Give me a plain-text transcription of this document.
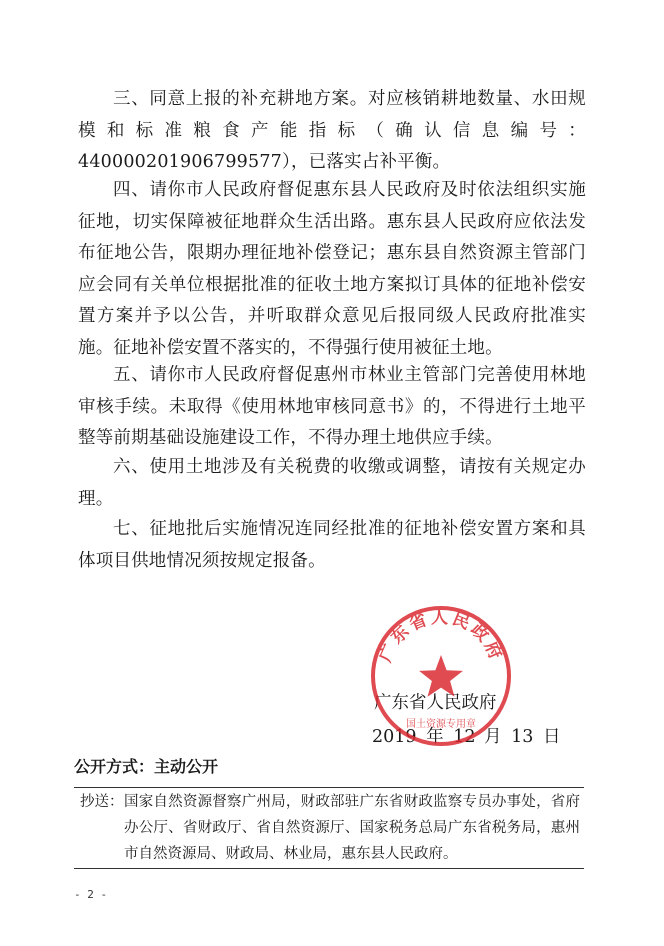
三、同意上报的补充耕地方案。对应核销耕地数量、水田规模和标准粮食产能指标（确认信息编号：440000201906799577），已落实占补平衡。

四、请你市人民政府督促惠东县人民政府及时依法组织实施征地，切实保障被征地群众生活出路。惠东县人民政府应依法发布征地公告，限期办理征地补偿登记；惠东县自然资源主管部门应会同有关单位根据批准的征收土地方案拟订具体的征地补偿安置方案并予以公告，并听取群众意见后报同级人民政府批准实施。征地补偿安置不落实的，不得强行使用被征土地。

五、请你市人民政府督促惠州市林业主管部门完善使用林地审核手续。未取得《使用林地审核同意书》的，不得进行土地平整等前期基础设施建设工作，不得办理土地供应手续。

六、使用土地涉及有关税费的收缴或调整，请按有关规定办理。

七、征地批后实施情况连同经批准的征地补偿安置方案和具体项目供地情况须按规定报备。

广东省人民政府
2019 年 12 月 13 日
广东省人民政府
国土资源专用章
公开方式：主动公开
抄送： 国家自然资源督察广州局，财政部驻广东省财政监察专员办事处，省府办公厅、省财政厅、省自然资源厅、国家税务总局广东省税务局，惠州市自然资源局、财政局、林业局，惠东县人民政府。
- 2 -
